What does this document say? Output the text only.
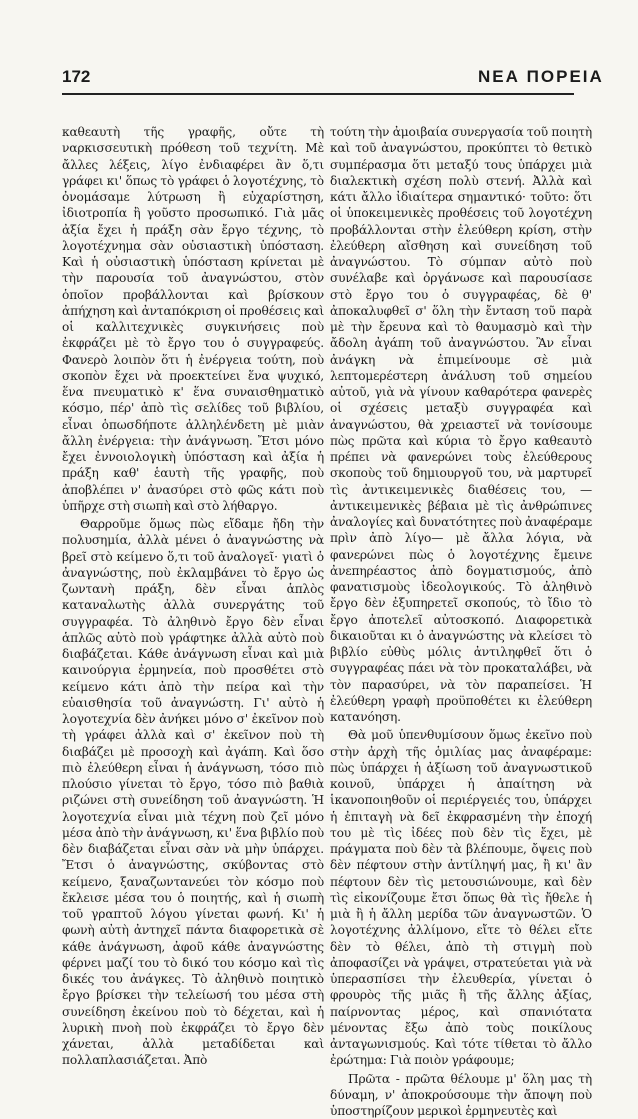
172	ΝΕΑ ΠΟΡΕΙΑ

καθεαυτὴ τῆς γραφῆς, οὔτε τὴ ναρκισσευτικὴ πρόθεση τοῦ τεχνίτη. Μὲ ἄλλες λέξεις, λίγο ἐνδιαφέρει ἂν ὅ,τι γράφει κι' ὅπως τὸ γράφει ὁ λογοτέχνης, τὸ ὀνομάσαμε λύτρωση ἢ εὐχαρίστηση, ἰδιοτροπία ἢ γοῦστο προσωπικό. Γιὰ μᾶς ἀξία ἔχει ἡ πράξη σὰν ἔργο τέχνης, τὸ λογοτέχνημα σὰν οὐσιαστικὴ ὑπόσταση. Καὶ ἡ οὐσιαστικὴ ὑπόσταση κρίνεται μὲ τὴν παρουσία τοῦ ἀναγνώστου, στὸν ὁποῖον προβάλλονται καὶ βρίσκουν ἀπήχηση καὶ ἀνταπόκριση οἱ προθέσεις καὶ οἱ καλλιτεχνικὲς συγκινήσεις ποὺ ἐκφράζει μὲ τὸ ἔργο του ὁ συγγραφεύς. Φανερὸ λοιπὸν ὅτι ἡ ἐνέργεια τούτη, ποὺ σκοπὸν ἔχει νὰ προεκτείνει ἕνα ψυχικό, ἕνα πνευματικὸ κ' ἕνα συναισθηματικὸ κόσμο, πέρ' ἀπὸ τὶς σελίδες τοῦ βιβλίου, εἶναι ὁπωσδήποτε ἀλληλένδετη μὲ μιὰν ἄλλη ἐνέργεια: τὴν ἀνάγνωση. Ἔτσι μόνο ἔχει ἐννοιολογικὴ ὑπόσταση καὶ ἀξία ἡ πράξη καθ' ἑαυτὴ τῆς γραφῆς, ποὺ ἀποβλέπει ν' ἀνασύρει στὸ φῶς κάτι ποὺ ὑπῆρχε στὴ σιωπὴ καὶ στὸ λήθαργο.

Θαρροῦμε ὅμως πὼς εἴδαμε ἤδη τὴν πολυσημία, ἀλλὰ μένει ὁ ἀναγνώστης νὰ βρεῖ στὸ κείμενο ὅ,τι τοῦ ἀναλογεῖ· γιατὶ ὁ ἀναγνώστης, ποὺ ἐκλαμβάνει τὸ ἔργο ὡς ζωντανὴ πράξη, δὲν εἶναι ἁπλὸς καταναλωτὴς ἀλλὰ συνεργάτης τοῦ συγγραφέα. Τὸ ἀληθινὸ ἔργο δὲν εἶναι ἁπλῶς αὐτὸ ποὺ γράφτηκε ἀλλὰ αὐτὸ ποὺ διαβάζεται. Κάθε ἀνάγνωση εἶναι καὶ μιὰ καινούργια ἐρμηνεία, ποὺ προσθέτει στὸ κείμενο κάτι ἀπὸ τὴν πείρα καὶ τὴν εὐαισθησία τοῦ ἀναγνώστη. Γι' αὐτὸ ἡ λογοτεχνία δὲν ἀνήκει μόνο σ' ἐκεῖνον ποὺ τὴ γράφει ἀλλὰ καὶ σ' ἐκεῖνον ποὺ τὴ διαβάζει μὲ προσοχὴ καὶ ἀγάπη. Καὶ ὅσο πιὸ ἐλεύθερη εἶναι ἡ ἀνάγνωση, τόσο πιὸ πλούσιο γίνεται τὸ ἔργο, τόσο πιὸ βαθιὰ ριζώνει στὴ συνείδηση τοῦ ἀναγνώστη. Ἡ λογοτεχνία εἶναι μιὰ τέχνη ποὺ ζεῖ μόνο μέσα ἀπὸ τὴν ἀνάγνωση, κι' ἕνα βιβλίο ποὺ δὲν διαβάζεται εἶναι σὰν νὰ μὴν ὑπάρχει. Ἔτσι ὁ ἀναγνώστης, σκύβοντας στὸ κείμενο, ξαναζωντανεύει τὸν κόσμο ποὺ ἔκλεισε μέσα του ὁ ποιητής, καὶ ἡ σιωπὴ τοῦ γραπτοῦ λόγου γίνεται φωνή. Κι' ἡ φωνὴ αὐτὴ ἀντηχεῖ πάντα διαφορετικὰ σὲ κάθε ἀνάγνωση, ἀφοῦ κάθε ἀναγνώστης φέρνει μαζί του τὸ δικό του κόσμο καὶ τὶς δικές του ἀνάγκες. Τὸ ἀληθινὸ ποιητικὸ ἔργο βρίσκει τὴν τελείωσή του μέσα στὴ συνείδηση ἐκείνου ποὺ τὸ δέχεται, καὶ ἡ λυρικὴ πνοὴ ποὺ ἐκφράζει τὸ ἔργο δὲν χάνεται, ἀλλὰ μεταδίδεται καὶ πολλαπλασιάζεται. Ἀπὸ

τούτη τὴν ἀμοιβαία συνεργασία τοῦ ποιητὴ καὶ τοῦ ἀναγνώστου, προκύπτει τὸ θετικὸ συμπέρασμα ὅτι μεταξύ τους ὑπάρχει μιὰ διαλεκτικὴ σχέση πολὺ στενή. Ἀλλὰ καὶ κάτι ἄλλο ἰδιαίτερα σημαντικό· τοῦτο: ὅτι οἱ ὑποκειμενικὲς προθέσεις τοῦ λογοτέχνη προβάλλονται στὴν ἐλεύθερη κρίση, στὴν ἐλεύθερη αἴσθηση καὶ συνείδηση τοῦ ἀναγνώστου. Τὸ σύμπαν αὐτὸ ποὺ συνέλαβε καὶ ὀργάνωσε καὶ παρουσίασε στὸ ἔργο του ὁ συγγραφέας, δὲ θ' ἀποκαλυφθεῖ σ' ὅλη τὴν ἔνταση τοῦ παρὰ μὲ τὴν ἔρευνα καὶ τὸ θαυμασμὸ καὶ τὴν ἄδολη ἀγάπη τοῦ ἀναγνώστου. Ἂν εἶναι ἀνάγκη νὰ ἐπιμείνουμε σὲ μιὰ λεπτομερέστερη ἀνάλυση τοῦ σημείου αὐτοῦ, γιὰ νὰ γίνουν καθαρότερα φανερὲς οἱ σχέσεις μεταξὺ συγγραφέα καὶ ἀναγνώστου, θὰ χρειαστεῖ νὰ τονίσουμε πὼς πρῶτα καὶ κύρια τὸ ἔργο καθεαυτὸ πρέπει νὰ φανερώνει τοὺς ἐλεύθερους σκοποὺς τοῦ δημιουργοῦ του, νὰ μαρτυρεῖ τὶς ἀντικειμενικὲς διαθέσεις του, —ἀντικειμενικὲς βέβαια μὲ τὶς ἀνθρώπινες ἀναλογίες καὶ δυνατότητες ποὺ ἀναφέραμε πρὶν ἀπὸ λίγο— μὲ ἄλλα λόγια, νὰ φανερώνει πὼς ὁ λογοτέχνης ἔμεινε ἀνεπηρέαστος ἀπὸ δογματισμούς, ἀπὸ φανατισμοὺς ἰδεολογικούς. Τὸ ἀληθινὸ ἔργο δὲν ἐξυπηρετεῖ σκοπούς, τὸ ἴδιο τὸ ἔργο ἀποτελεῖ αὐτοσκοπό. Διαφορετικὰ δικαιοῦται κι ὁ ἀναγνώστης νὰ κλείσει τὸ βιβλίο εὐθὺς μόλις ἀντιληφθεῖ ὅτι ὁ συγγραφέας πάει νὰ τὸν προκαταλάβει, νὰ τὸν παρασύρει, νὰ τὸν παραπείσει. Ἡ ἐλεύθερη γραφὴ προϋποθέτει κι ἐλεύθερη κατανόηση.

Θὰ μοῦ ὑπενθυμίσουν ὅμως ἐκεῖνο ποὺ στὴν ἀρχὴ τῆς ὁμιλίας μας ἀναφέραμε: πὼς ὑπάρχει ἡ ἀξίωση τοῦ ἀναγνωστικοῦ κοινοῦ, ὑπάρχει ἡ ἀπαίτηση νὰ ἱκανοποιηθοῦν οἱ περιέργειές του, ὑπάρχει ἡ ἐπιταγὴ νὰ δεῖ ἐκφρασμένη τὴν ἐποχή του μὲ τὶς ἰδέες ποὺ δὲν τὶς ἔχει, μὲ πράγματα ποὺ δὲν τὰ βλέπουμε, ὄψεις ποὺ δὲν πέφτουν στὴν ἀντίληψή μας, ἢ κι' ἂν πέφτουν δὲν τὶς μετουσιώνουμε, καὶ δὲν τὶς εἰκονίζουμε ἔτσι ὅπως θὰ τὶς ἤθελε ἡ μιὰ ἢ ἡ ἄλλη μερίδα τῶν ἀναγνωστῶν. Ὁ λογοτέχνης ἀλλίμονο, εἴτε τὸ θέλει εἴτε δὲν τὸ θέλει, ἀπὸ τὴ στιγμὴ ποὺ ἀποφασίζει νὰ γράψει, στρατεύεται γιὰ νὰ ὑπερασπίσει τὴν ἐλευθερία, γίνεται ὁ φρουρὸς τῆς μιᾶς ἢ τῆς ἄλλης ἀξίας, παίρνοντας μέρος, καὶ σπανιότατα μένοντας ἔξω ἀπὸ τοὺς ποικίλους ἀνταγωνισμούς. Καὶ τότε τίθεται τὸ ἄλλο ἐρώτημα: Γιὰ ποιὸν γράφουμε;

Πρῶτα - πρῶτα θέλουμε μ' ὅλη μας τὴ δύναμη, ν' ἀποκρούσουμε τὴν ἄποψη ποὺ ὑποστηρίζουν μερικοὶ ἑρμηνευτὲς καὶ
